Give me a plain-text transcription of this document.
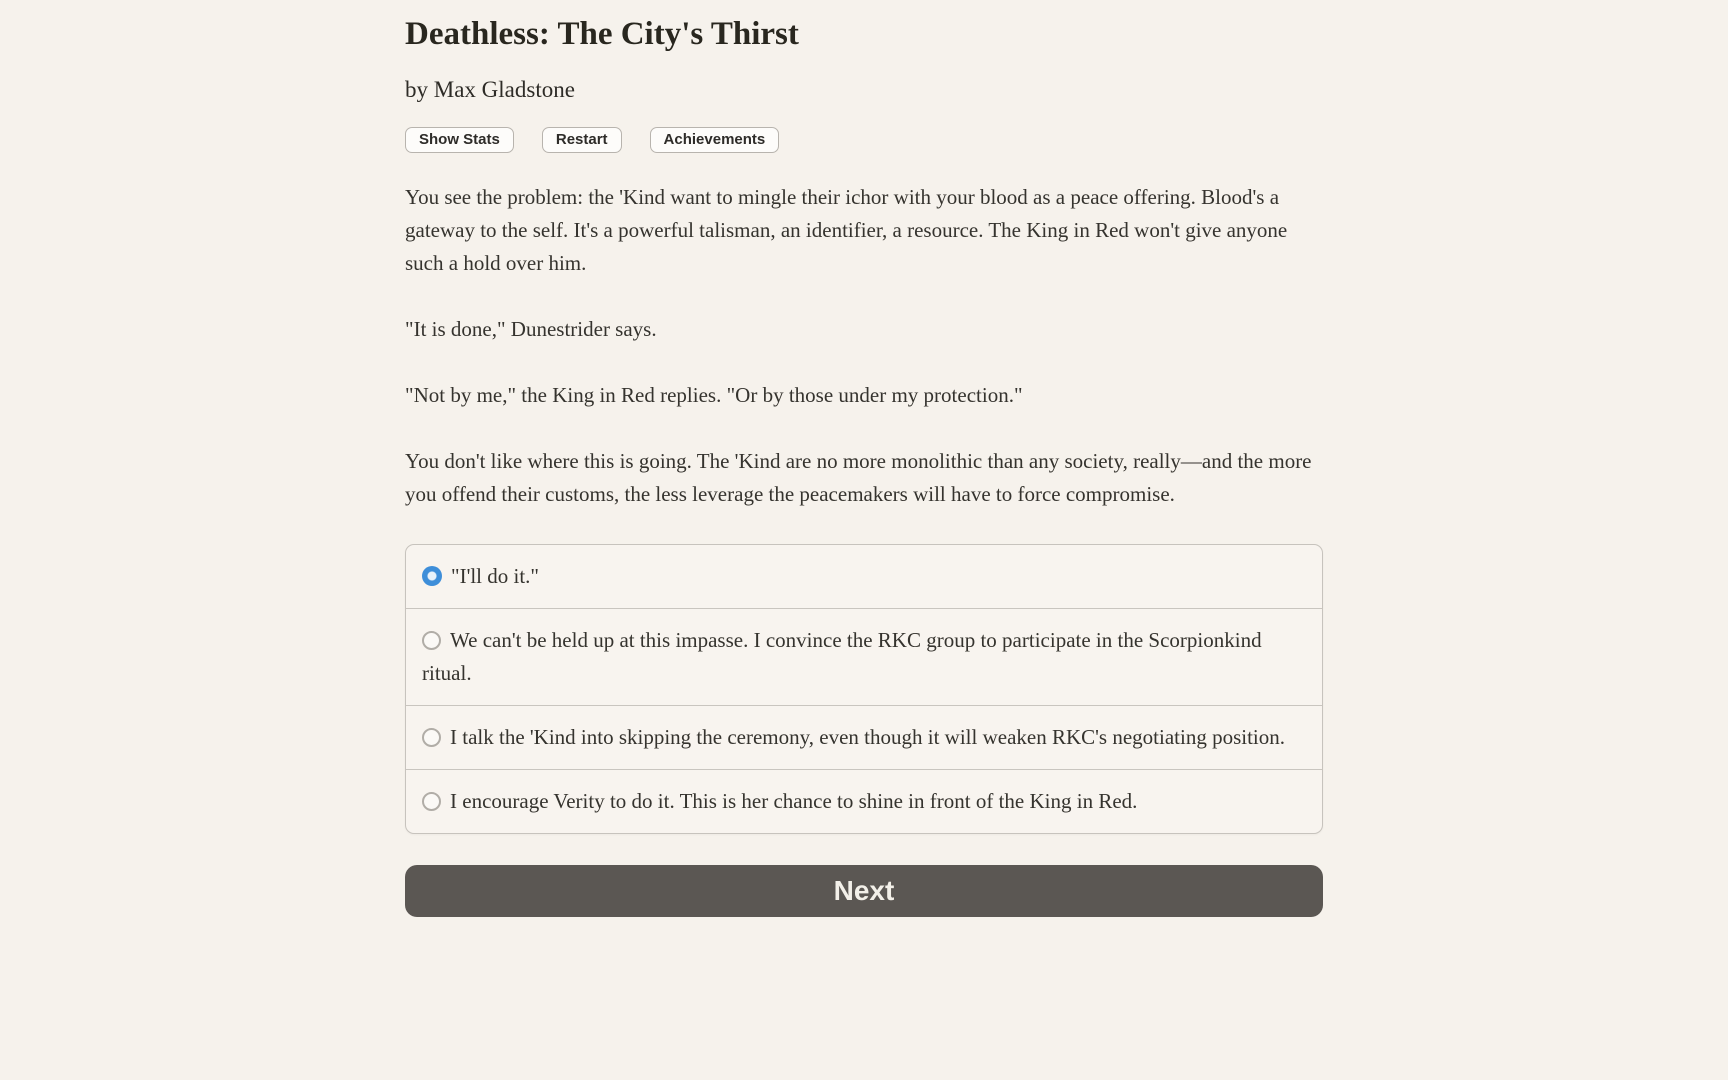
Deathless: The City's Thirst
by Max Gladstone
Show Stats	Restart	Achievements

You see the problem: the 'Kind want to mingle their ichor with your blood as a peace offering. Blood's a gateway to the self. It's a powerful talisman, an identifier, a resource. The King in Red won't give anyone such a hold over him.

"It is done," Dunestrider says.

"Not by me," the King in Red replies. "Or by those under my protection."

You don't like where this is going. The 'Kind are no more monolithic than any society, really—and the more you offend their customs, the less leverage the peacemakers will have to force compromise.

"I'll do it."
We can't be held up at this impasse. I convince the RKC group to participate in the Scorpionkind ritual.
I talk the 'Kind into skipping the ceremony, even though it will weaken RKC's negotiating position.
I encourage Verity to do it. This is her chance to shine in front of the King in Red.
Next
